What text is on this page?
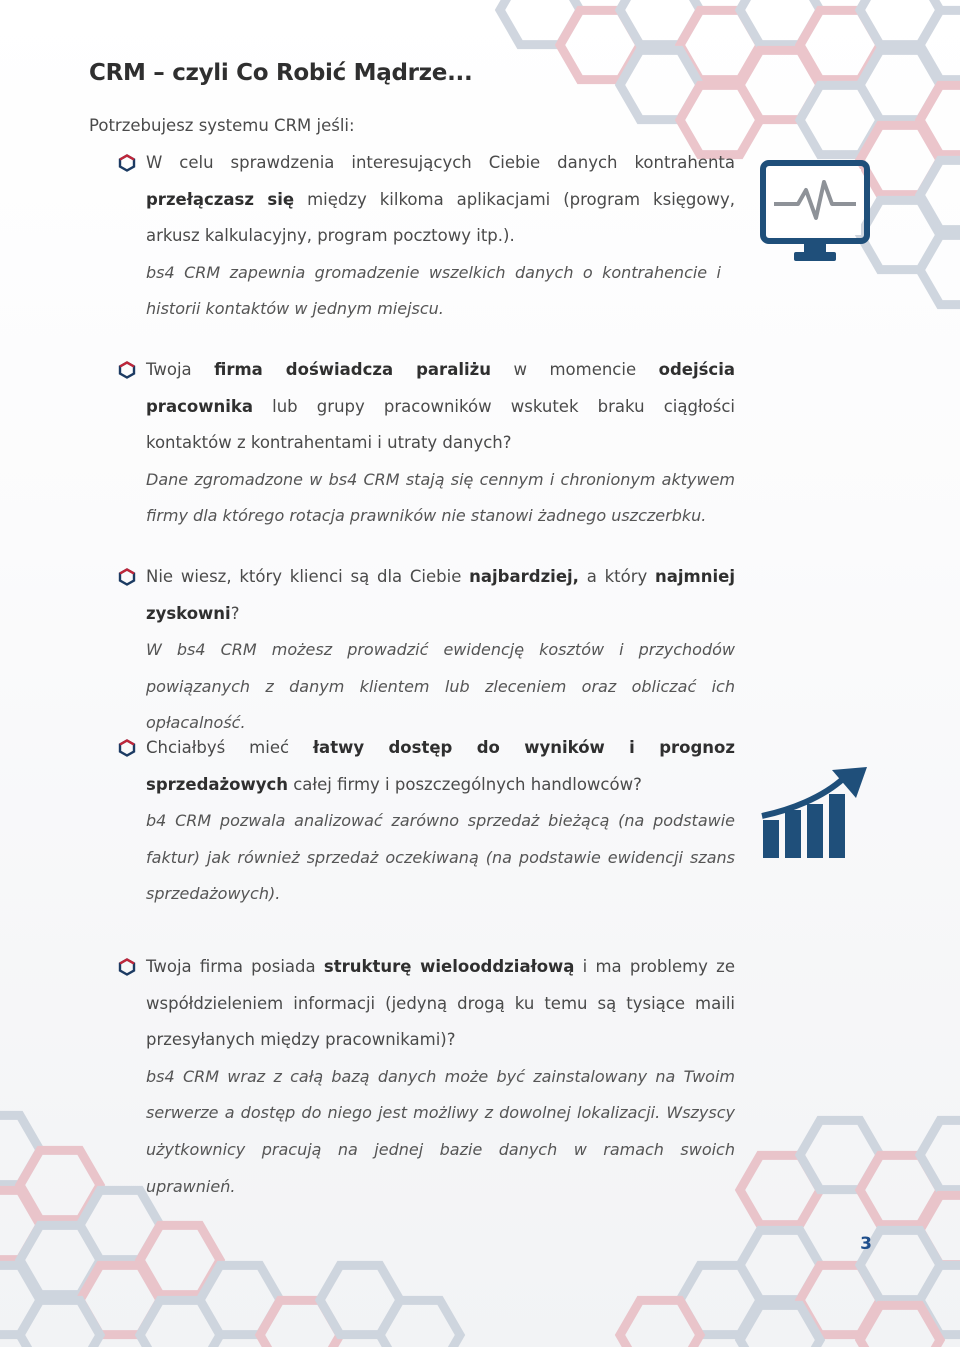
CRM – czyli Co Robić Mądrze...

Potrzebujesz systemu CRM jeśli:

W celu sprawdzenia interesujących Ciebie danych kontrahenta przełączasz się między kilkoma aplikacjami (program księgowy, arkusz kalkulacyjny, program pocztowy itp.).

bs4 CRM zapewnia gromadzenie wszelkich danych o kontrahencie i historii kontaktów w jednym miejscu.

Twoja firma doświadcza paraliżu w momencie odejścia pracownika lub grupy pracowników wskutek braku ciągłości kontaktów z kontrahentami i utraty danych?

Dane zgromadzone w bs4 CRM stają się cennym i chronionym aktywem firmy dla którego rotacja prawników nie stanowi żadnego uszczerbku.

Nie wiesz, który klienci są dla Ciebie najbardziej, a który najmniej zyskowni?

W bs4 CRM możesz prowadzić ewidencję kosztów i przychodów powiązanych z danym klientem lub zleceniem oraz obliczać ich opłacalność.

Chciałbyś mieć łatwy dostęp do wyników i prognoz sprzedażowych całej firmy i poszczególnych handlowców?

b4 CRM pozwala analizować zarówno sprzedaż bieżącą (na podstawie faktur) jak również sprzedaż oczekiwaną (na podstawie ewidencji szans sprzedażowych).

Twoja firma posiada strukturę wielooddziałową i ma problemy ze współdzieleniem informacji (jedyną drogą ku temu są tysiące maili przesyłanych między pracownikami)?

bs4 CRM wraz z całą bazą danych może być zainstalowany na Twoim serwerze a dostęp do niego jest możliwy z dowolnej lokalizacji. Wszyscy użytkownicy pracują na jednej bazie danych w ramach swoich uprawnień.

3
